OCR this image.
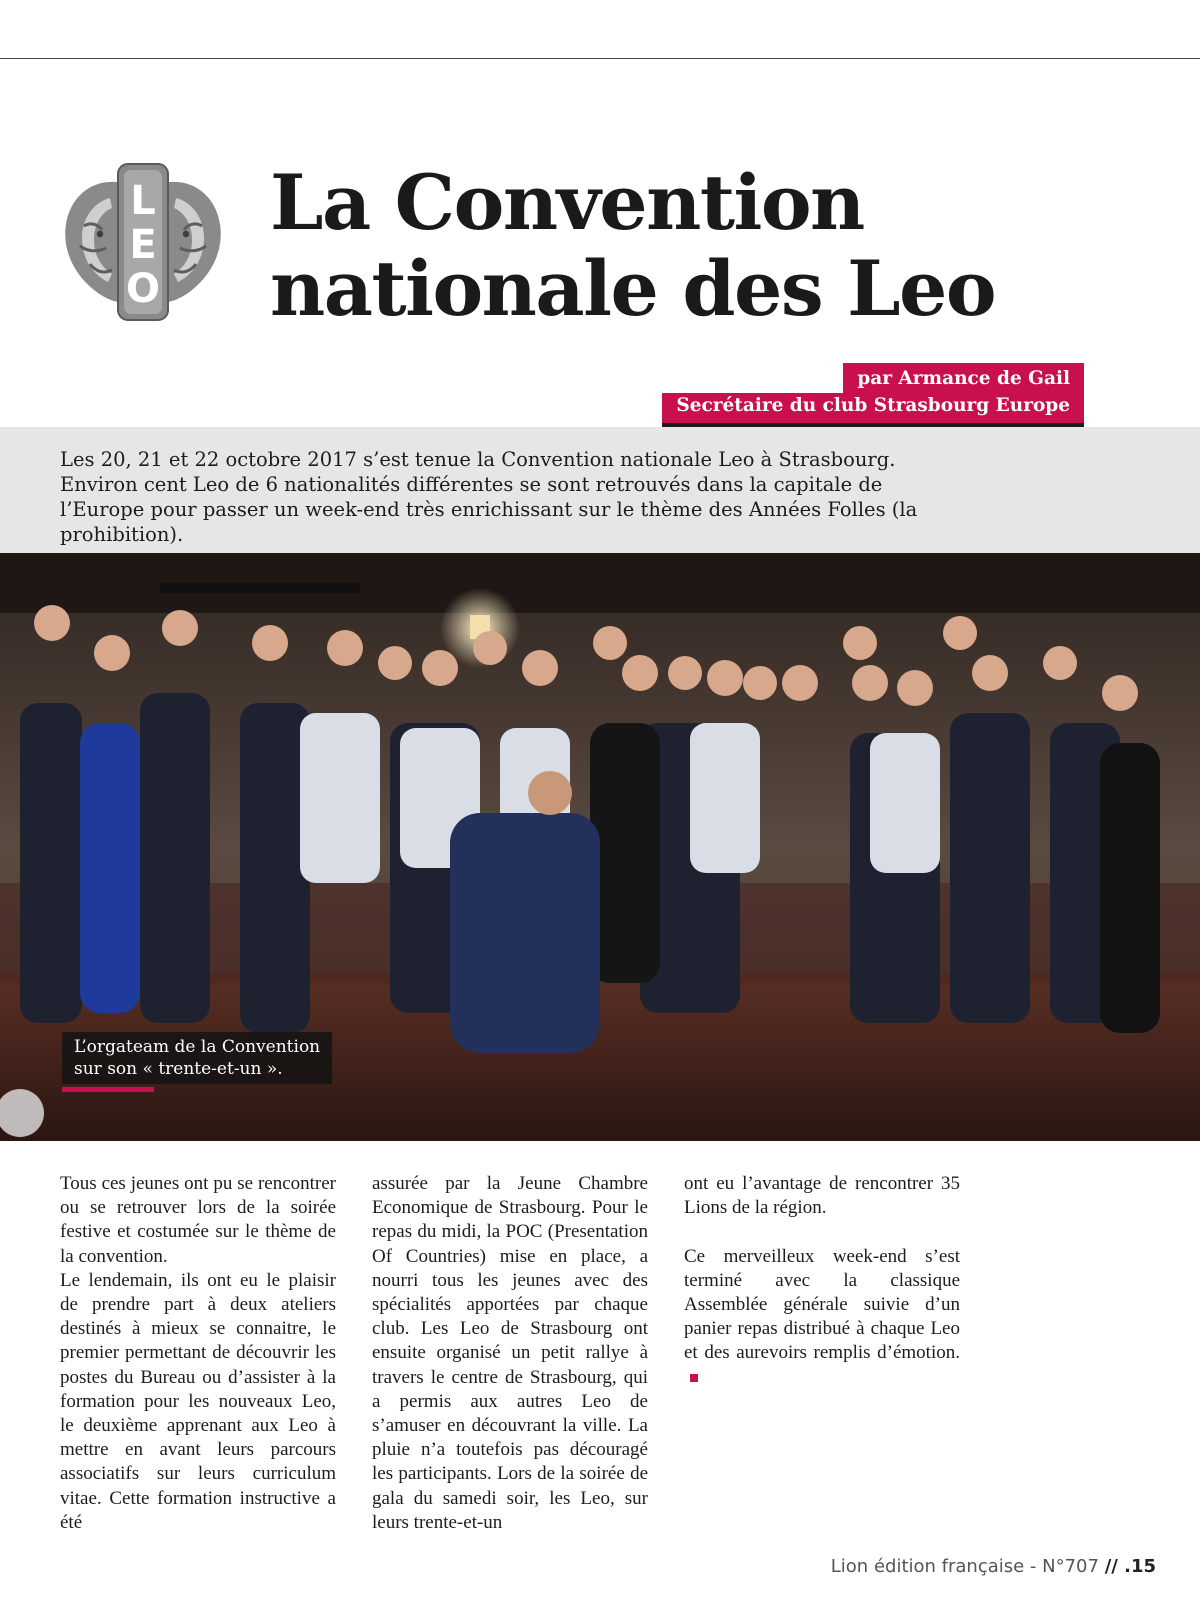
L
E
O
La Convention
nationale des Leo
par Armance de Gail
Secrétaire du club Strasbourg Europe

Les 20, 21 et 22 octobre 2017 s’est tenue la Convention nationale Leo à Strasbourg. Environ cent Leo de 6 nationalités différentes se sont retrouvés dans la capitale de l’Europe pour passer un week-end très enrichissant sur le thème des Années Folles (la prohibition).

L’orgateam de la Convention
sur son « trente-et-un ».

Tous ces jeunes ont pu se rencontrer ou se retrouver lors de la soirée festive et costumée sur le thème de la convention.

Le lendemain, ils ont eu le plaisir de prendre part à deux ateliers destinés à mieux se connaitre, le premier permettant de découvrir les postes du Bureau ou d’assister à la formation pour les nouveaux Leo, le deuxième apprenant aux Leo à mettre en avant leurs parcours associatifs sur leurs curriculum vitae. Cette formation instructive a été

assurée par la Jeune Chambre Economique de Strasbourg. Pour le repas du midi, la POC (Presentation Of Countries) mise en place, a nourri tous les jeunes avec des spécialités apportées par chaque club. Les Leo de Strasbourg ont ensuite organisé un petit rallye à travers le centre de Strasbourg, qui a permis aux autres Leo de s’amuser en découvrant la ville. La pluie n’a toutefois pas découragé les participants. Lors de la soirée de gala du samedi soir, les Leo, sur leurs trente-et-un

ont eu l’avantage de rencontrer 35 Lions de la région.

Ce merveilleux week-end s’est terminé avec la classique Assemblée générale suivie d’un panier repas distribué à chaque Leo et des aurevoirs remplis d’émotion.

Lion édition française - N°707 // .15
